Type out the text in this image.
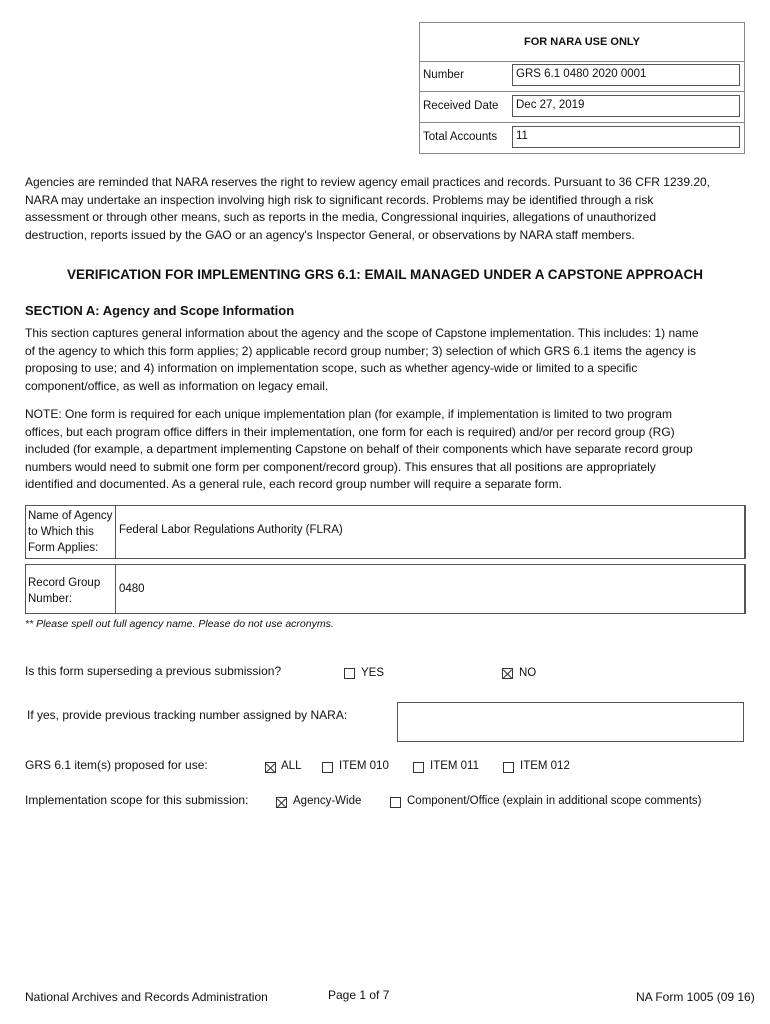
FOR NARA USE ONLY
Number	GRS 6.1 0480 2020 0001
Received Date	Dec 27, 2019
Total Accounts	11
Agencies are reminded that NARA reserves the right to review agency email practices and records. Pursuant to 36 CFR 1239.20,
NARA may undertake an inspection involving high risk to significant records. Problems may be identified through a risk
assessment or through other means, such as reports in the media, Congressional inquiries, allegations of unauthorized
destruction, reports issued by the GAO or an agency's Inspector General, or observations by NARA staff members.
VERIFICATION FOR IMPLEMENTING GRS 6.1: EMAIL MANAGED UNDER A CAPSTONE APPROACH
SECTION A: Agency and Scope Information
This section captures general information about the agency and the scope of Capstone implementation. This includes: 1) name
of the agency to which this form applies; 2) applicable record group number; 3) selection of which GRS 6.1 items the agency is
proposing to use; and 4) information on implementation scope, such as whether agency-wide or limited to a specific
component/office, as well as information on legacy email.
NOTE: One form is required for each unique implementation plan (for example, if implementation is limited to two program
offices, but each program office differs in their implementation, one form for each is required) and/or per record group (RG)
included (for example, a department implementing Capstone on behalf of their components which have separate record group
numbers would need to submit one form per component/record group). This ensures that all positions are appropriately
identified and documented. As a general rule, each record group number will require a separate form.
Name of Agency
to Which this
Form Applies:
Federal Labor Regulations Authority (FLRA)
Record Group
Number:
0480
** Please spell out full agency name. Please do not use acronyms.
Is this form superseding a previous submission?	YES	NO
If yes, provide previous tracking number assigned by NARA:
GRS 6.1 item(s) proposed for use:	ALL	ITEM 010	ITEM 011	ITEM 012
Implementation scope for this submission:	Agency-Wide	Component/Office (explain in additional scope comments)
National Archives and Records Administration	Page 1 of 7	NA Form 1005 (09 16)
